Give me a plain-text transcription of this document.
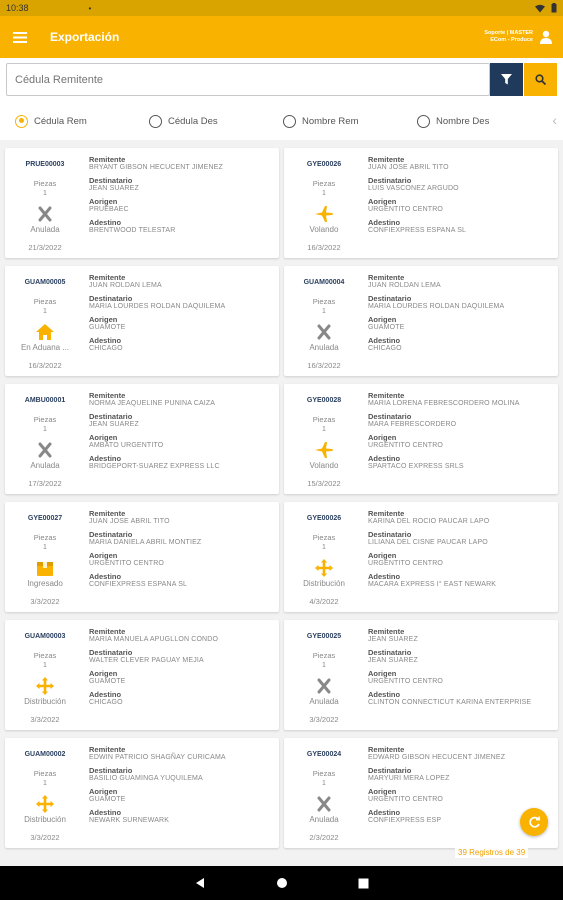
10:38	•
Exportación	Soporte | MASTER
ECom - Produce
Cédula Remitente
Cédula Rem	Cédula Des	Nombre Rem	Nombre Des	‹
PRUE00003
Piezas
1
Anulada
21/3/2022
Remitente
BRYANT GIBSON HECUCENT JIMENEZ
Destinatario
JEAN SUAREZ
Aorigen
PRUEBAEC
Adestino
BRENTWOOD TELESTAR
GYE00026
Piezas
1
Volando
16/3/2022
Remitente
JUAN JOSE ABRIL TITO
Destinatario
LUIS VASCONEZ ARGUDO
Aorigen
URGENTITO CENTRO
Adestino
CONFIEXPRESS ESPANA SL
GUAM00005
Piezas
1
En Aduana ...
16/3/2022
Remitente
JUAN ROLDAN LEMA
Destinatario
MARIA LOURDES ROLDAN DAQUILEMA
Aorigen
GUAMOTE
Adestino
CHICAGO
GUAM00004
Piezas
1
Anulada
16/3/2022
Remitente
JUAN ROLDAN LEMA
Destinatario
MARIA LOURDES ROLDAN DAQUILEMA
Aorigen
GUAMOTE
Adestino
CHICAGO
AMBU00001
Piezas
1
Anulada
17/3/2022
Remitente
NORMA JEAQUELINE PUNINA CAIZA
Destinatario
JEAN SUAREZ
Aorigen
AMBATO URGENTITO
Adestino
BRIDGEPORT-SUAREZ EXPRESS LLC
GYE00028
Piezas
1
Volando
15/3/2022
Remitente
MARIA LORENA FEBRESCORDERO MOLINA
Destinatario
MARA FEBRESCORDERO
Aorigen
URGENTITO CENTRO
Adestino
SPARTACO EXPRESS SRLS
GYE00027
Piezas
1
Ingresado
3/3/2022
Remitente
JUAN JOSE ABRIL TITO
Destinatario
MARIA DANIELA ABRIL MONTIEZ
Aorigen
URGENTITO CENTRO
Adestino
CONFIEXPRESS ESPANA SL
GYE00026
Piezas
1
Distribución
4/3/2022
Remitente
KARINA DEL ROCIO PAUCAR LAPO
Destinatario
LILIANA DEL CISNE PAUCAR LAPO
Aorigen
URGENTITO CENTRO
Adestino
MACARA EXPRESS I° EAST NEWARK
GUAM00003
Piezas
1
Distribución
3/3/2022
Remitente
MARIA MANUELA APUGLLON CONDO
Destinatario
WALTER CLEVER PAGUAY MEJIA
Aorigen
GUAMOTE
Adestino
CHICAGO
GYE00025
Piezas
1
Anulada
3/3/2022
Remitente
JEAN SUAREZ
Destinatario
JEAN SUAREZ
Aorigen
URGENTITO CENTRO
Adestino
CLINTON CONNECTICUT KARINA ENTERPRISE
GUAM00002
Piezas
1
Distribución
3/3/2022
Remitente
EDWIN PATRICIO SHAGÑAY CURICAMA
Destinatario
BASILIO GUAMINGA YUQUILEMA
Aorigen
GUAMOTE
Adestino
NEWARK SURNEWARK
GYE00024
Piezas
1
Anulada
2/3/2022
Remitente
EDWARD GIBSON HECUCENT JIMENEZ
Destinatario
MARYURI MERA LOPEZ
Aorigen
URGENTITO CENTRO
Adestino
CONFIEXPRESS ESP
39 Registros de 39
